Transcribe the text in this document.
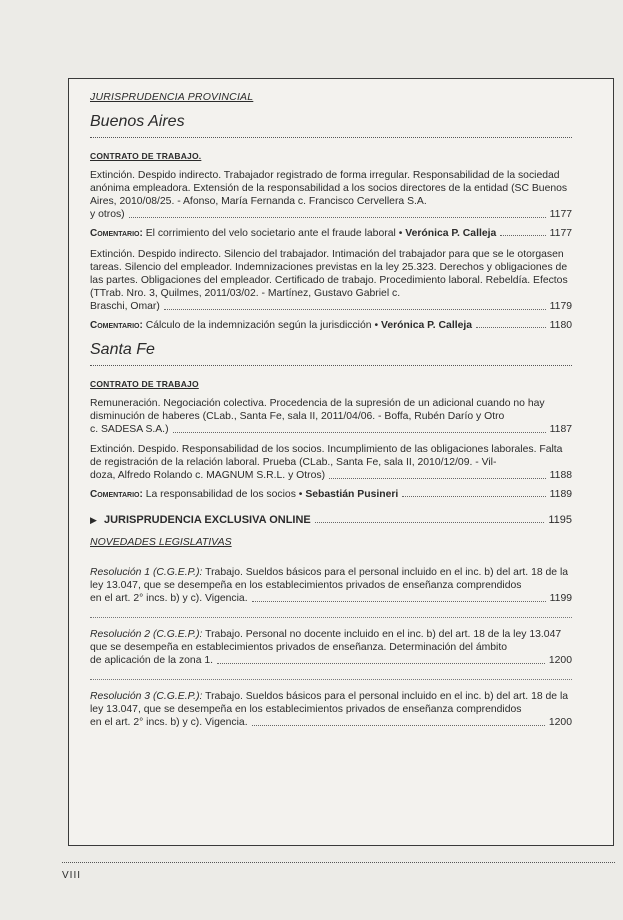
JURISPRUDENCIA PROVINCIAL

Buenos Aires

CONTRATO DE TRABAJO.

Extinción. Despido indirecto. Trabajador registrado de forma irregular. Responsabilidad de la sociedad anónima empleadora. Extensión de la responsabilidad a los socios directores de la entidad (SC Buenos Aires, 2010/08/25. - Afonso, María Fernanda c. Francisco Cervellera S.A.
y otros)	1177
Comentario: El corrimiento del velo societario ante el fraude laboral • Verónica P. Calleja	1177
Extinción. Despido indirecto. Silencio del trabajador. Intimación del trabajador para que se le otorgasen tareas. Silencio del empleador. Indemnizaciones previstas en la ley 25.323. Derechos y obligaciones de las partes. Obligaciones del empleador. Certificado de trabajo. Procedimiento laboral. Rebeldía. Efectos (TTrab. Nro. 3, Quilmes, 2011/03/02. - Martínez, Gustavo Gabriel c.
Braschi, Omar)	1179
Comentario: Cálculo de la indemnización según la jurisdicción • Verónica P. Calleja	1180
Santa Fe

CONTRATO DE TRABAJO

Remuneración. Negociación colectiva. Procedencia de la supresión de un adicional cuando no hay disminución de haberes (CLab., Santa Fe, sala II, 2011/04/06. - Boffa, Rubén Darío y Otro
c. SADESA S.A.)	1187
Extinción. Despido. Responsabilidad de los socios. Incumplimiento de las obligaciones laborales. Falta de registración de la relación laboral. Prueba (CLab., Santa Fe, sala II, 2010/12/09. - Vil-
doza, Alfredo Rolando c. MAGNUM S.R.L. y Otros)	1188
Comentario: La responsabilidad de los socios • Sebastián Pusineri	1189
▶ JURISPRUDENCIA EXCLUSIVA ONLINE	1195

NOVEDADES LEGISLATIVAS

Resolución 1 (C.G.E.P.): Trabajo. Sueldos básicos para el personal incluido en el inc. b) del art. 18 de la ley 13.047, que se desempeña en los establecimientos privados de enseñanza comprendidos
en el art. 2° incs. b) y c). Vigencia.	1199
Resolución 2 (C.G.E.P.): Trabajo. Personal no docente incluido en el inc. b) del art. 18 de la ley 13.047 que se desempeña en establecimientos privados de enseñanza. Determinación del ámbito
de aplicación de la zona 1.	1200
Resolución 3 (C.G.E.P.): Trabajo. Sueldos básicos para el personal incluido en el inc. b) del art. 18 de la ley 13.047, que se desempeña en los establecimientos privados de enseñanza comprendidos
en el art. 2° incs. b) y c). Vigencia.	1200
VIII
